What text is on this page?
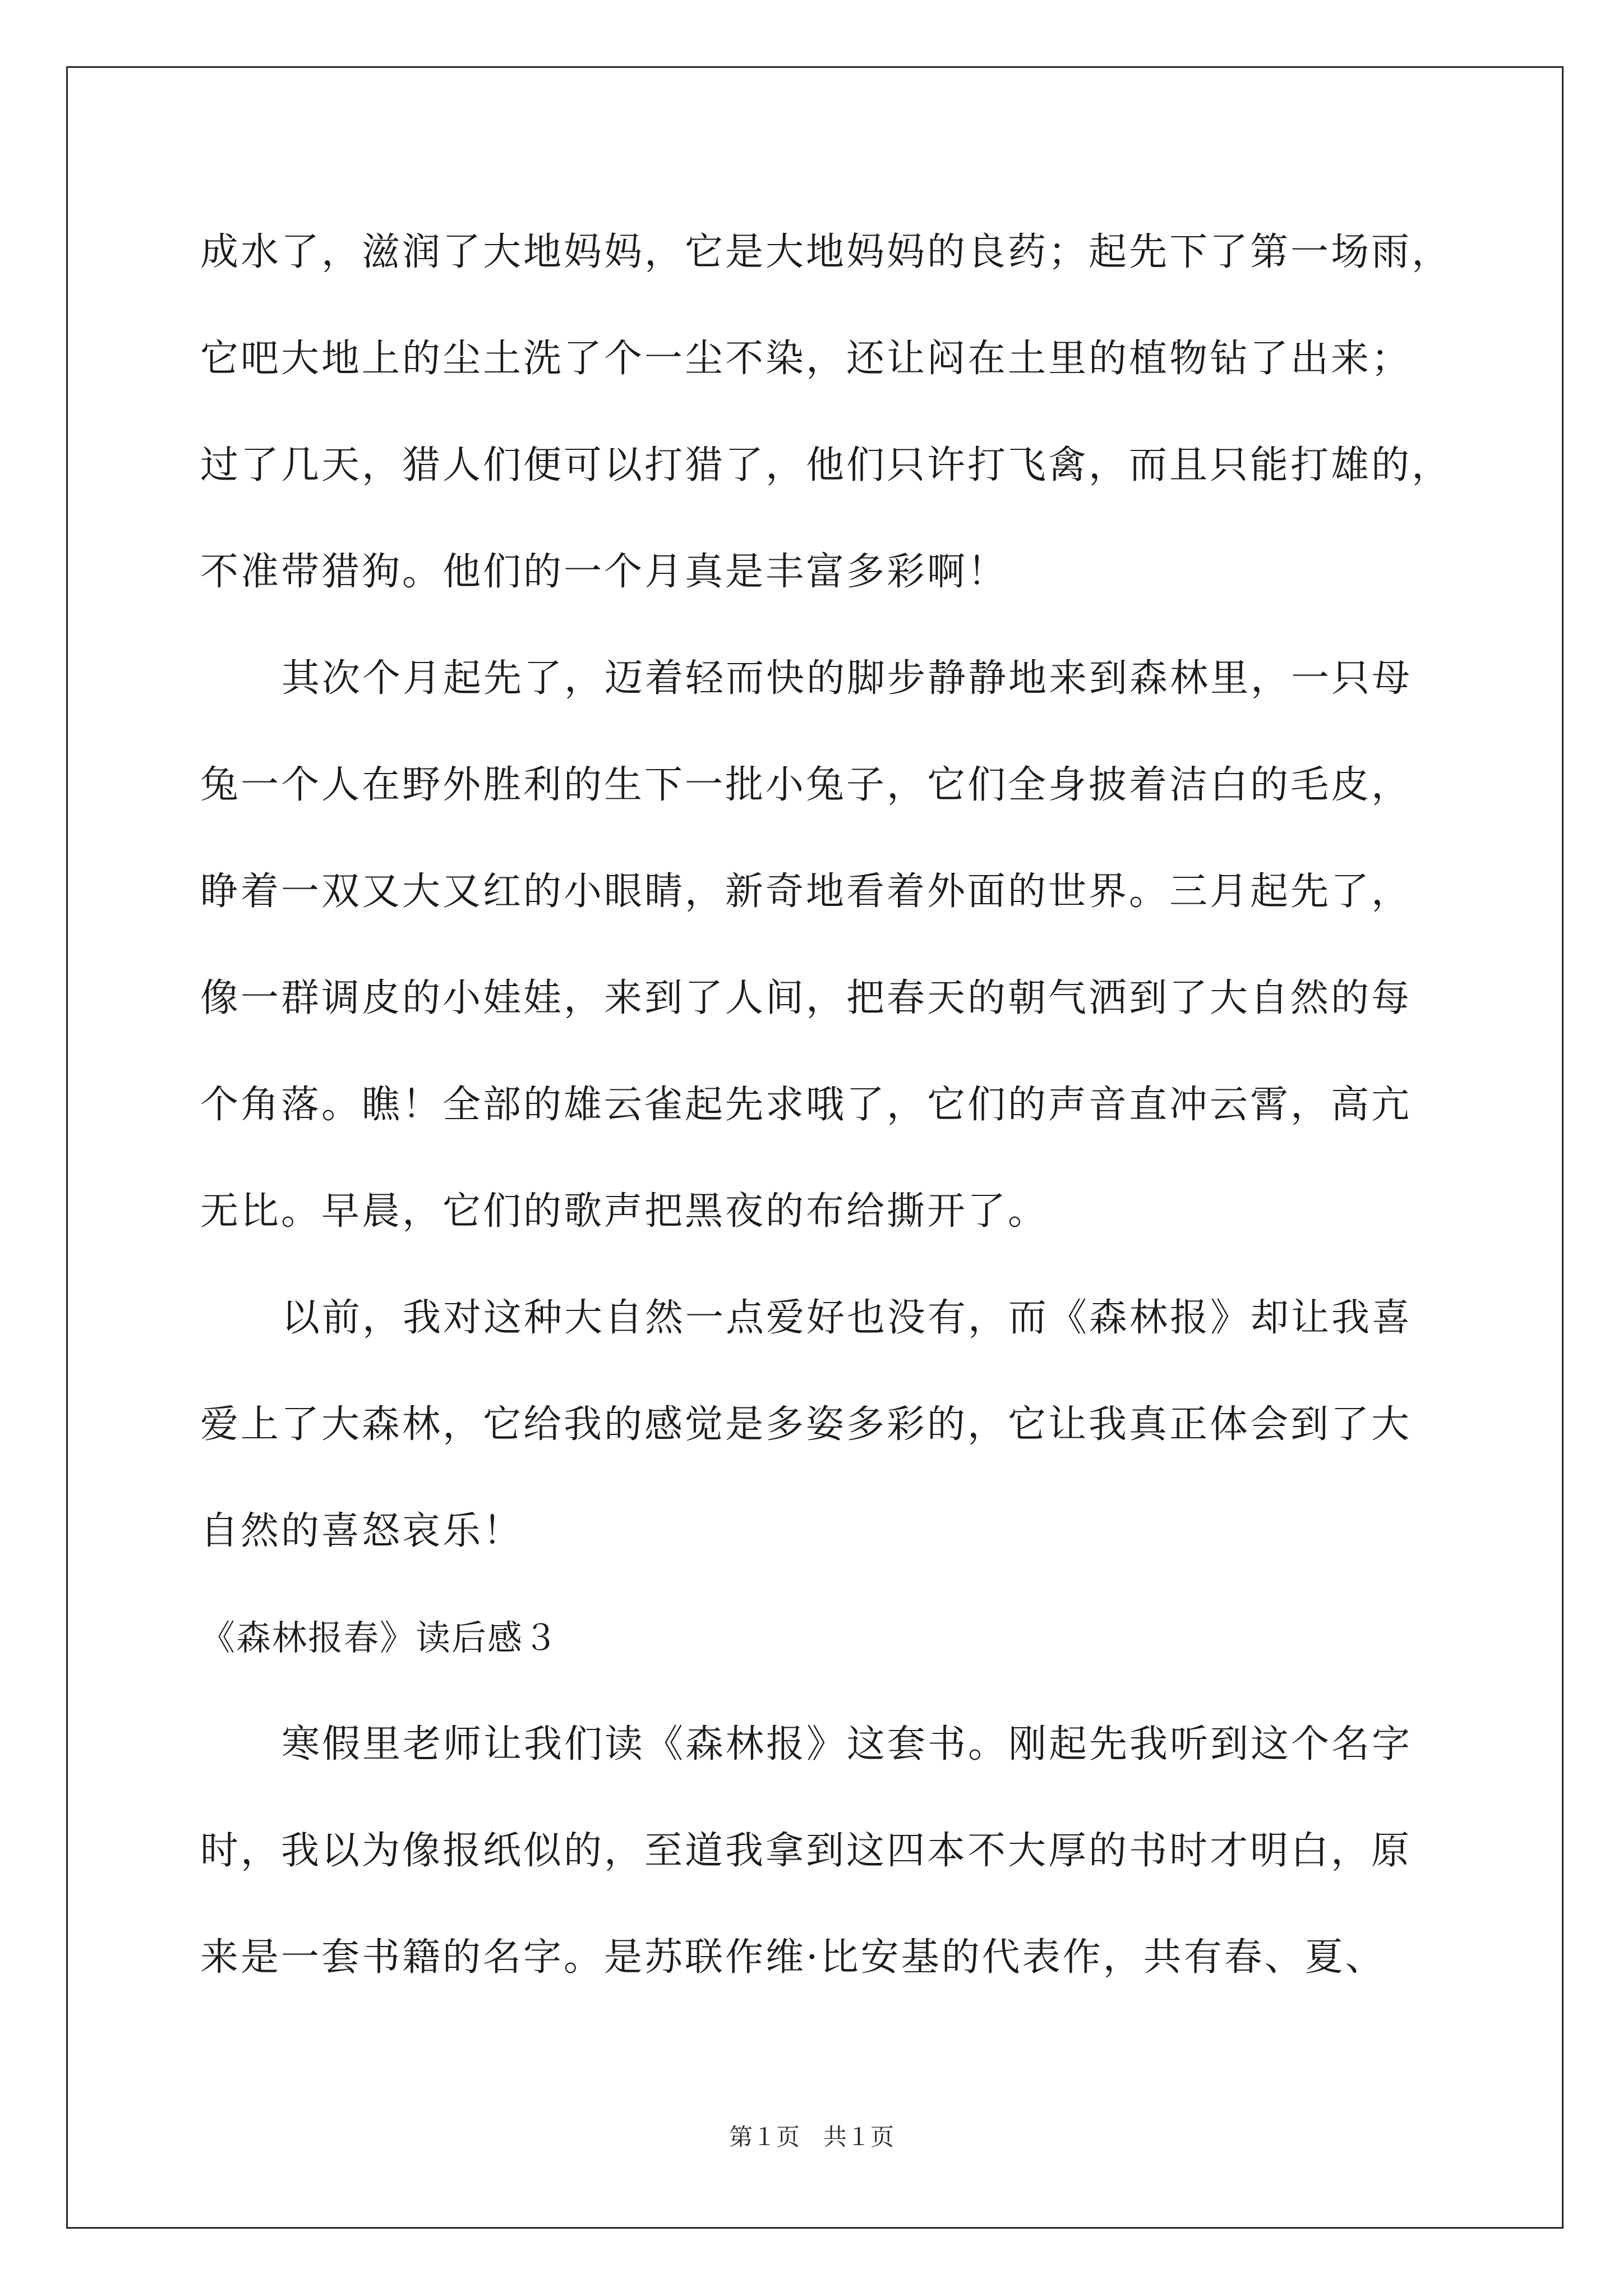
成水了，滋润了大地妈妈，它是大地妈妈的良药；起先下了第一场雨，
它吧大地上的尘土洗了个一尘不染，还让闷在土里的植物钻了出来；
过了几天，猎人们便可以打猎了，他们只许打飞禽，而且只能打雄的，
不准带猎狗。他们的一个月真是丰富多彩啊！
其次个月起先了，迈着轻而快的脚步静静地来到森林里，一只母
兔一个人在野外胜利的生下一批小兔子，它们全身披着洁白的毛皮，
睁着一双又大又红的小眼睛，新奇地看着外面的世界。三月起先了，
像一群调皮的小娃娃，来到了人间，把春天的朝气洒到了大自然的每
个角落。瞧！全部的雄云雀起先求哦了，它们的声音直冲云霄，高亢
无比。早晨，它们的歌声把黑夜的布给撕开了。
以前，我对这种大自然一点爱好也没有，而《森林报》却让我喜
爱上了大森林，它给我的感觉是多姿多彩的，它让我真正体会到了大
自然的喜怒哀乐！
《森林报春》读后感３
寒假里老师让我们读《森林报》这套书。刚起先我听到这个名字
时，我以为像报纸似的，至道我拿到这四本不大厚的书时才明白，原
来是一套书籍的名字。是苏联作维·比安基的代表作，共有春、夏、
第１页　共１页
